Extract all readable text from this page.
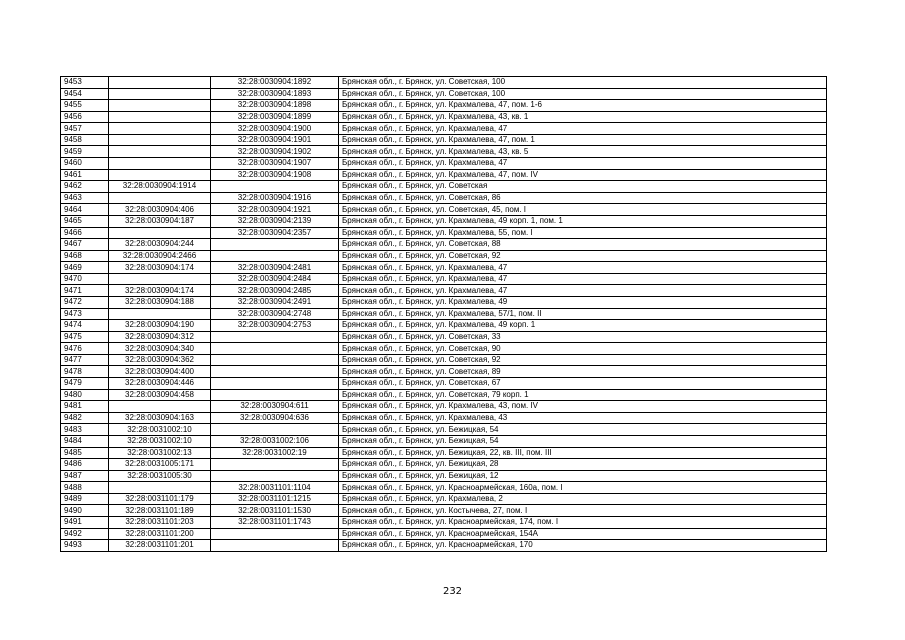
9453		32:28:0030904:1892	Брянская обл., г. Брянск, ул. Советская, 100
9454		32:28:0030904:1893	Брянская обл., г. Брянск, ул. Советская, 100
9455		32:28:0030904:1898	Брянская обл., г. Брянск, ул. Крахмалева, 47, пом. 1-6
9456		32:28:0030904:1899	Брянская обл., г. Брянск, ул. Крахмалева, 43, кв. 1
9457		32:28:0030904:1900	Брянская обл., г. Брянск, ул. Крахмалева, 47
9458		32:28:0030904:1901	Брянская обл., г. Брянск, ул. Крахмалева, 47, пом. 1
9459		32:28:0030904:1902	Брянская обл., г. Брянск, ул. Крахмалева, 43, кв. 5
9460		32:28:0030904:1907	Брянская обл., г. Брянск, ул. Крахмалева, 47
9461		32:28:0030904:1908	Брянская обл., г. Брянск, ул. Крахмалева, 47, пом. IV
9462	32:28:0030904:1914		Брянская обл., г. Брянск, ул. Советская
9463		32:28:0030904:1916	Брянская обл., г. Брянск, ул. Советская, 86
9464	32:28:0030904:406	32:28:0030904:1921	Брянская обл., г. Брянск, ул. Советская, 45, пом. I
9465	32:28:0030904:187	32:28:0030904:2139	Брянская обл., г. Брянск, ул. Крахмалева, 49 корп. 1, пом. 1
9466		32:28:0030904:2357	Брянская обл., г. Брянск, ул. Крахмалева, 55, пом. I
9467	32:28:0030904:244		Брянская обл., г. Брянск, ул. Советская, 88
9468	32:28:0030904:2466		Брянская обл., г. Брянск, ул. Советская, 92
9469	32:28:0030904:174	32:28:0030904:2481	Брянская обл., г. Брянск, ул. Крахмалева, 47
9470		32:28:0030904:2484	Брянская обл., г. Брянск, ул. Крахмалева, 47
9471	32:28:0030904:174	32:28:0030904:2485	Брянская обл., г. Брянск, ул. Крахмалева, 47
9472	32:28:0030904:188	32:28:0030904:2491	Брянская обл., г. Брянск, ул. Крахмалева, 49
9473		32:28:0030904:2748	Брянская обл., г. Брянск, ул. Крахмалева, 57/1, пом. II
9474	32:28:0030904:190	32:28:0030904:2753	Брянская обл., г. Брянск, ул. Крахмалева, 49 корп. 1
9475	32:28:0030904:312		Брянская обл., г. Брянск, ул. Советская, 33
9476	32:28:0030904:340		Брянская обл., г. Брянск, ул. Советская, 90
9477	32:28:0030904:362		Брянская обл., г. Брянск, ул. Советская, 92
9478	32:28:0030904:400		Брянская обл., г. Брянск, ул. Советская, 89
9479	32:28:0030904:446		Брянская обл., г. Брянск, ул. Советская, 67
9480	32:28:0030904:458		Брянская обл., г. Брянск, ул. Советская, 79 корп. 1
9481		32:28:0030904:611	Брянская обл., г. Брянск, ул. Крахмалева, 43, пом. IV
9482	32:28:0030904:163	32:28:0030904:636	Брянская обл., г. Брянск, ул. Крахмалева, 43
9483	32:28:0031002:10		Брянская обл., г. Брянск, ул. Бежицкая, 54
9484	32:28:0031002:10	32:28:0031002:106	Брянская обл., г. Брянск, ул. Бежицкая, 54
9485	32:28:0031002:13	32:28:0031002:19	Брянская обл., г. Брянск, ул. Бежицкая, 22, кв. III, пом. III
9486	32:28:0031005:171		Брянская обл., г. Брянск, ул. Бежицкая, 28
9487	32:28:0031005:30		Брянская обл., г. Брянск, ул. Бежицкая, 12
9488		32:28:0031101:1104	Брянская обл., г. Брянск, ул. Красноармейская, 160а, пом. I
9489	32:28:0031101:179	32:28:0031101:1215	Брянская обл., г. Брянск, ул. Крахмалева, 2
9490	32:28:0031101:189	32:28:0031101:1530	Брянская обл., г. Брянск, ул. Костычева, 27, пом. I
9491	32:28:0031101:203	32:28:0031101:1743	Брянская обл., г. Брянск, ул. Красноармейская, 174, пом. I
9492	32:28:0031101:200		Брянская обл., г. Брянск, ул. Красноармейская, 154А
9493	32:28:0031101:201		Брянская обл., г. Брянск, ул. Красноармейская, 170
232
